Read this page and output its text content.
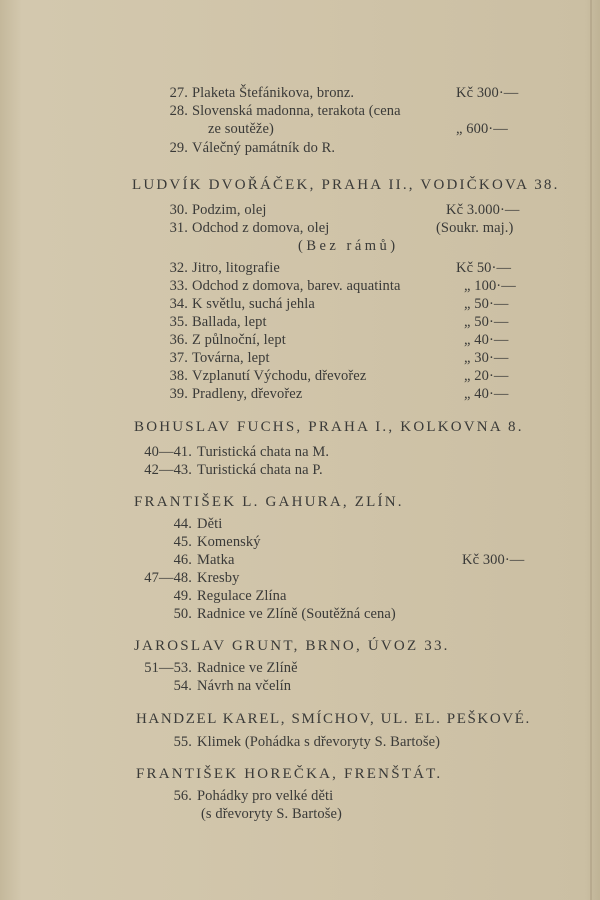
27. Plaketa Štefánikova, bronz.	Kč 300·—
28. Slovenská madonna, terakota (cena
ze soutěže)	„ 600·—
29. Válečný památník do R.
LUDVÍK DVOŘÁČEK, PRAHA II., VODIČKOVA 38.
30. Podzim, olej	Kč 3.000·—
31. Odchod z domova, olej	(Soukr. maj.)
(Bez rámů)
32. Jitro, litografie	Kč 50·—
33. Odchod z domova, barev. aquatinta	„ 100·—
34. K světlu, suchá jehla	„ 50·—
35. Ballada, lept	„ 50·—
36. Z půlnoční, lept	„ 40·—
37. Továrna, lept	„ 30·—
38. Vzplanutí Východu, dřevořez	„ 20·—
39. Pradleny, dřevořez	„ 40·—
BOHUSLAV FUCHS, PRAHA I., KOLKOVNA 8.
40—41. Turistická chata na M.
42—43. Turistická chata na P.
FRANTIŠEK L. GAHURA, ZLÍN.
44. Děti
45. Komenský
46. Matka	Kč 300·—
47—48. Kresby
49. Regulace Zlína
50. Radnice ve Zlíně (Soutěžná cena)
JAROSLAV GRUNT, BRNO, ÚVOZ 33.
51—53. Radnice ve Zlíně
54. Návrh na včelín
HANDZEL KAREL, SMÍCHOV, UL. EL. PEŠKOVÉ.
55. Klimek (Pohádka s dřevoryty S. Bartoše)
FRANTIŠEK HOREČKA, FRENŠTÁT.
56. Pohádky pro velké děti
(s dřevoryty S. Bartoše)
